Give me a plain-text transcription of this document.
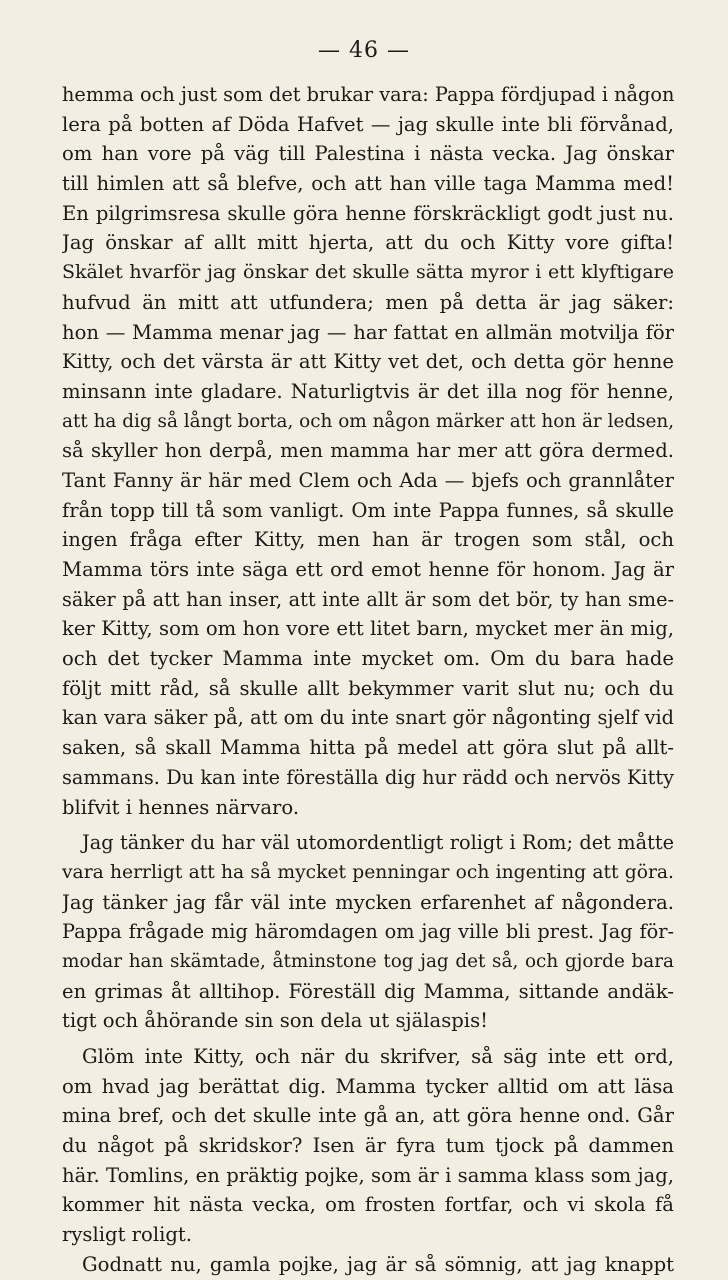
— 46 —
hemma och just som det brukar vara: Pappa fördjupad i någon
lera på botten af Döda Hafvet — jag skulle inte bli förvånad,
om han vore på väg till Palestina i nästa vecka. Jag önskar
till himlen att så blefve, och att han ville taga Mamma med!
En pilgrimsresa skulle göra henne förskräckligt godt just nu.
Jag önskar af allt mitt hjerta, att du och Kitty vore gifta!
Skälet hvarför jag önskar det skulle sätta myror i ett klyftigare
hufvud än mitt att utfundera; men på detta är jag säker:
hon — Mamma menar jag — har fattat en allmän motvilja för
Kitty, och det värsta är att Kitty vet det, och detta gör henne
minsann inte gladare. Naturligtvis är det illa nog för henne,
att ha dig så långt borta, och om någon märker att hon är ledsen,
så skyller hon derpå, men mamma har mer att göra dermed.
Tant Fanny är här med Clem och Ada — bjefs och grannlåter
från topp till tå som vanligt. Om inte Pappa funnes, så skulle
ingen fråga efter Kitty, men han är trogen som stål, och
Mamma törs inte säga ett ord emot henne för honom. Jag är
säker på att han inser, att inte allt är som det bör, ty han sme-
ker Kitty, som om hon vore ett litet barn, mycket mer än mig,
och det tycker Mamma inte mycket om. Om du bara hade
följt mitt råd, så skulle allt bekymmer varit slut nu; och du
kan vara säker på, att om du inte snart gör någonting sjelf vid
saken, så skall Mamma hitta på medel att göra slut på allt-
sammans. Du kan inte föreställa dig hur rädd och nervös Kitty
blifvit i hennes närvaro.
Jag tänker du har väl utomordentligt roligt i Rom; det måtte
vara herrligt att ha så mycket penningar och ingenting att göra.
Jag tänker jag får väl inte mycken erfarenhet af någondera.
Pappa frågade mig häromdagen om jag ville bli prest. Jag för-
modar han skämtade, åtminstone tog jag det så, och gjorde bara
en grimas åt alltihop. Föreställ dig Mamma, sittande andäk-
tigt och åhörande sin son dela ut själaspis!
Glöm inte Kitty, och när du skrifver, så säg inte ett ord,
om hvad jag berättat dig. Mamma tycker alltid om att läsa
mina bref, och det skulle inte gå an, att göra henne ond. Går
du något på skridskor? Isen är fyra tum tjock på dammen
här. Tomlins, en präktig pojke, som är i samma klass som jag,
kommer hit nästa vecka, om frosten fortfar, och vi skola få
rysligt roligt.
Godnatt nu, gamla pojke, jag är så sömnig, att jag knappt
